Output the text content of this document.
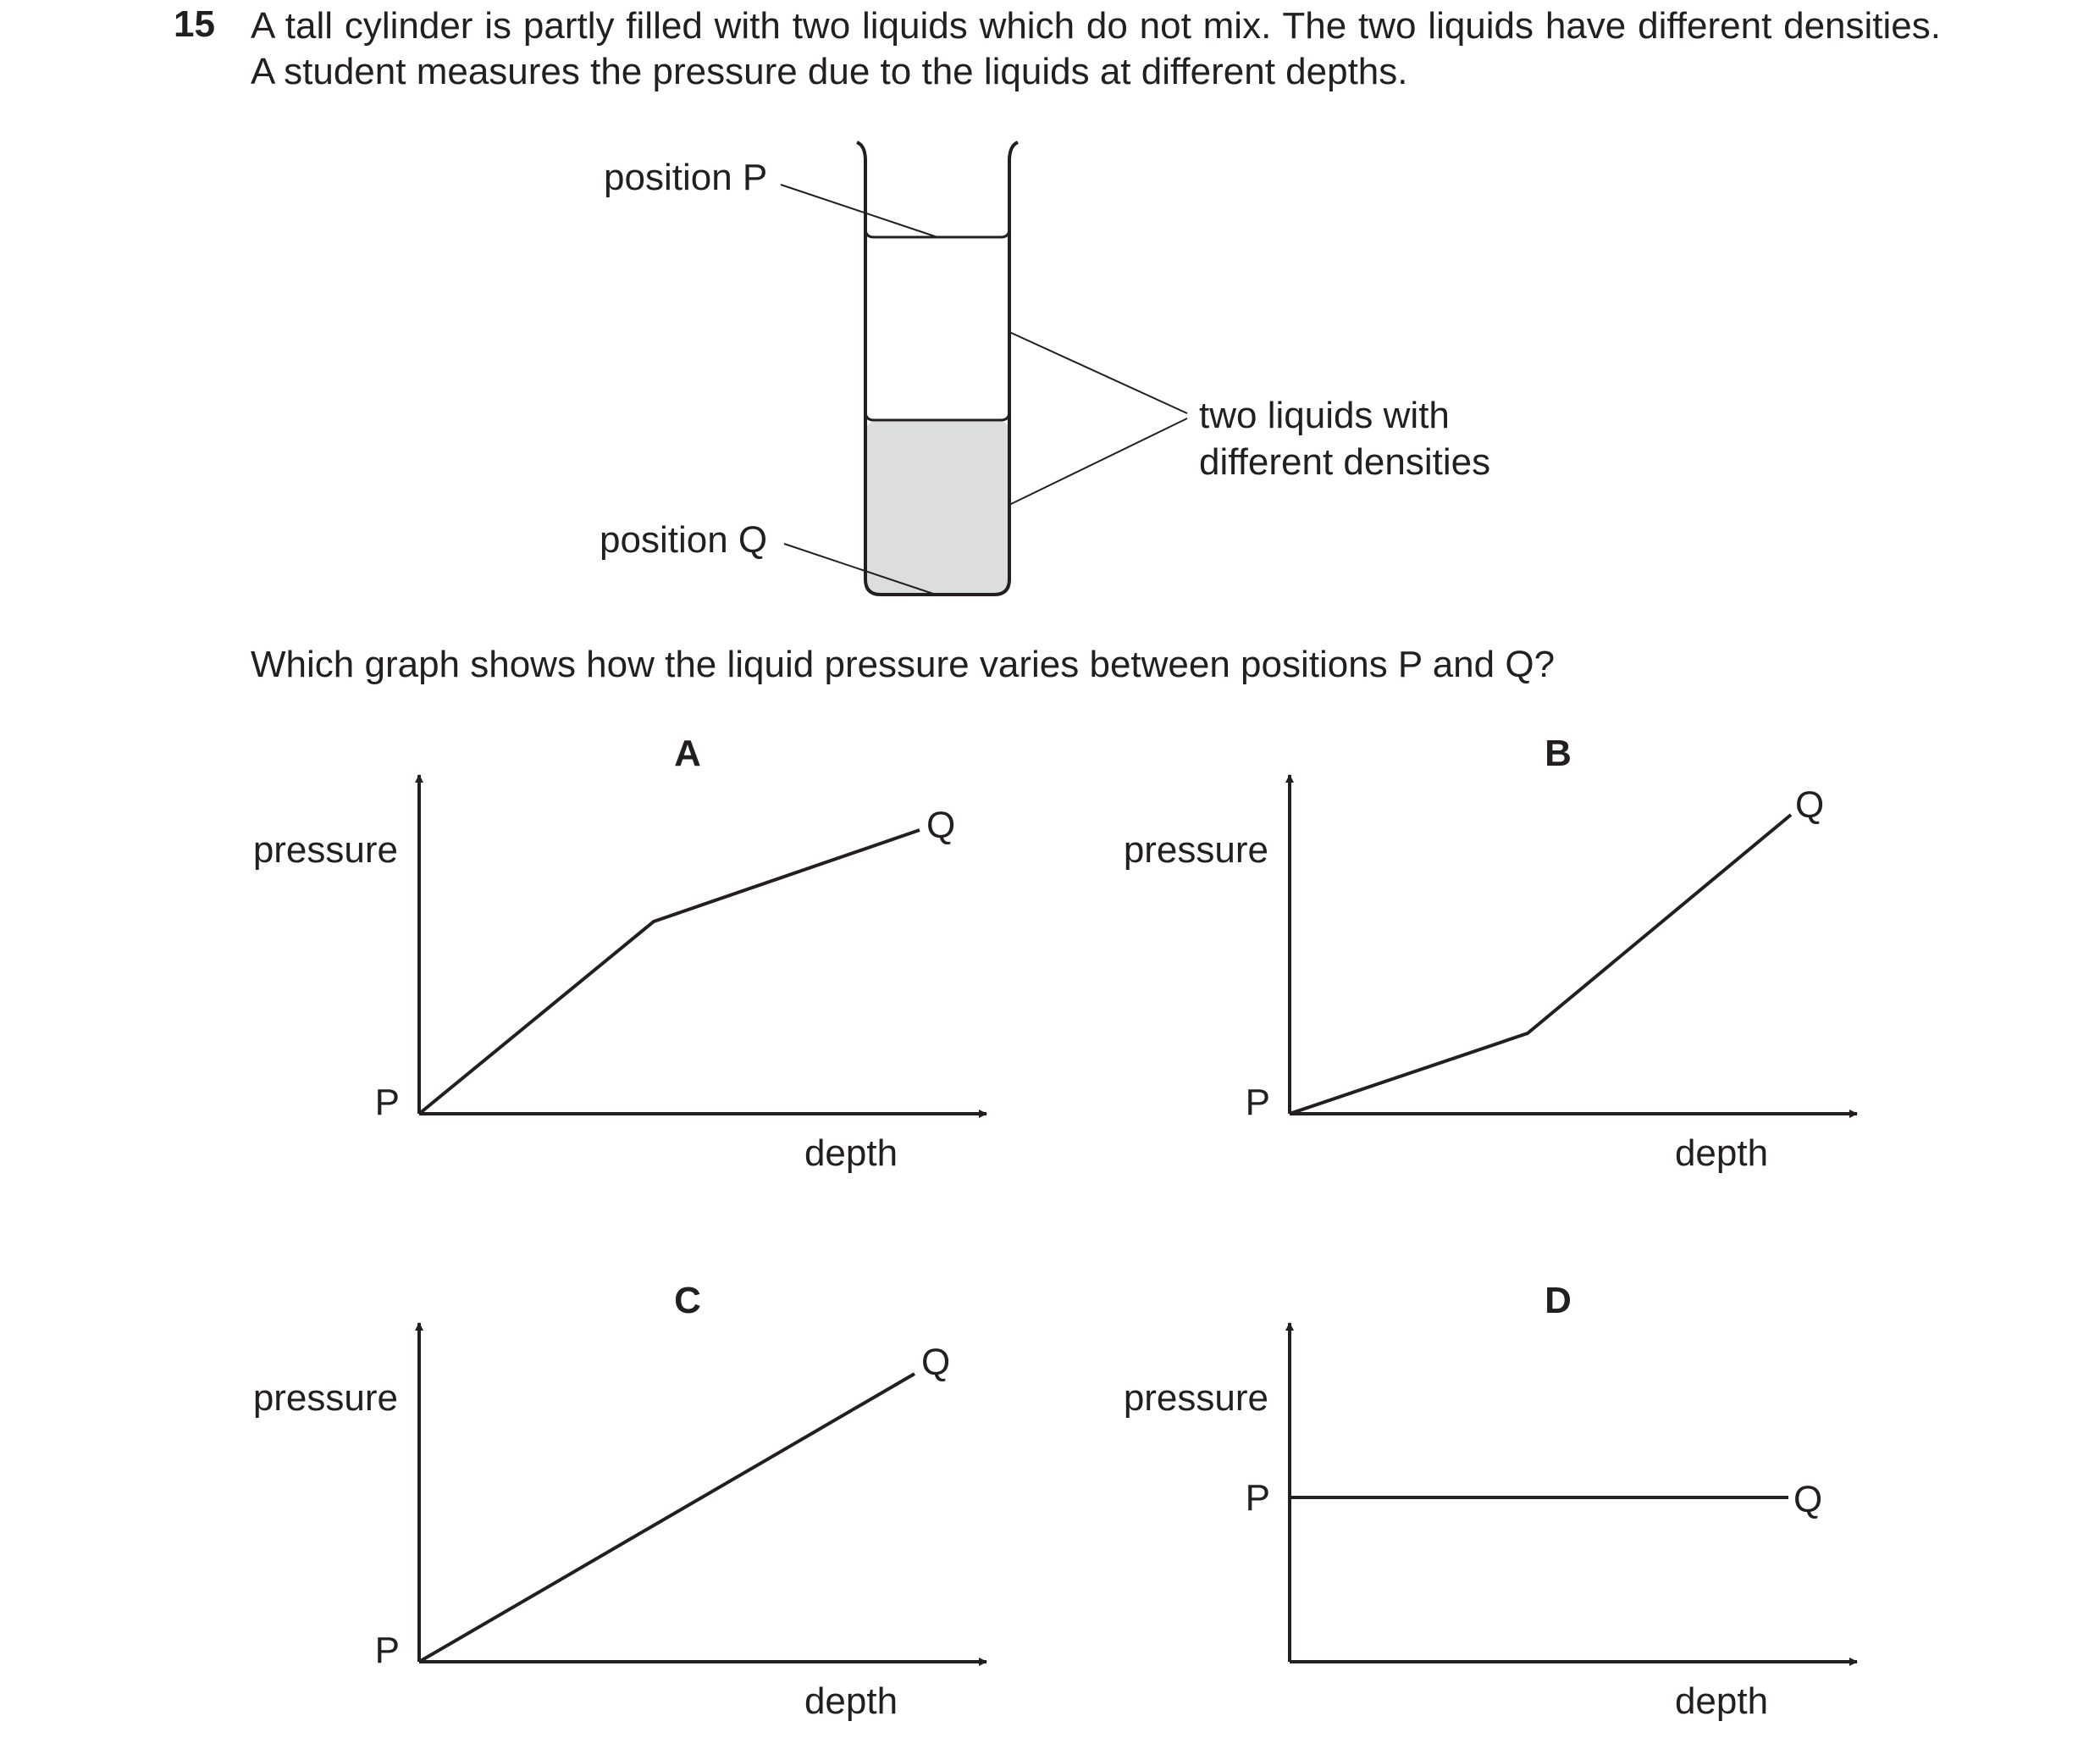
15 A tall cylinder is partly filled with two liquids which do not mix. The two liquids have different densities. A student measures the pressure due to the liquids at different depths.
Which graph shows how the liquid pressure varies between positions P and Q?
position P
position Q
two liquids with
different densities
A
pressure
depth
P
Q
B
pressure
depth
P
Q
C
pressure
depth
P
Q
D
pressure
depth
P	Q
